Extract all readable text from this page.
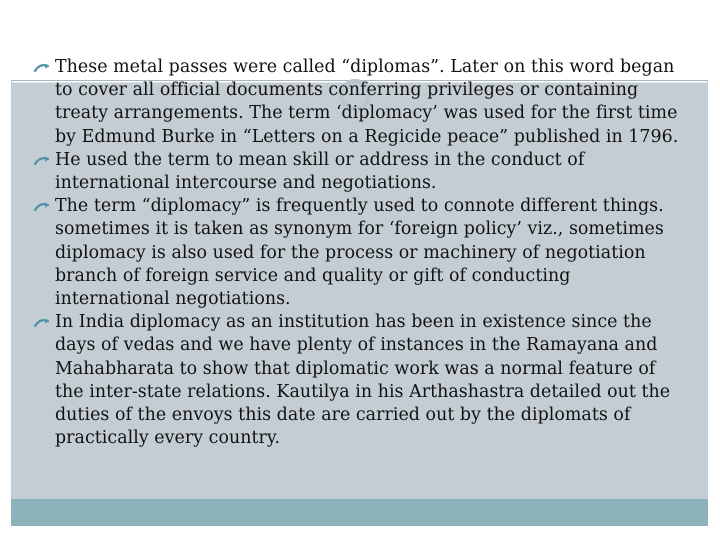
These metal passes were called “diplomas”. Later on this word began to cover all official documents conferring privileges or containing treaty arrangements. The term ‘diplomacy’ was used for the first time by Edmund Burke in “Letters on a Regicide peace” published in 1796.
He used the term to mean skill or address in the conduct of international intercourse and negotiations.
The term “diplomacy” is frequently used to connote different things. sometimes it is taken as synonym for ‘foreign policy’ viz., sometimes diplomacy is also used for the process or machinery of negotiation branch of foreign service and quality or gift of conducting international negotiations.
In India diplomacy as an institution has been in existence since the days of vedas and we have plenty of instances in the Ramayana and Mahabharata to show that diplomatic work was a normal feature of the inter-state relations. Kautilya in his Arthashastra detailed out the duties of the envoys this date are carried out by the diplomats of practically every country.
